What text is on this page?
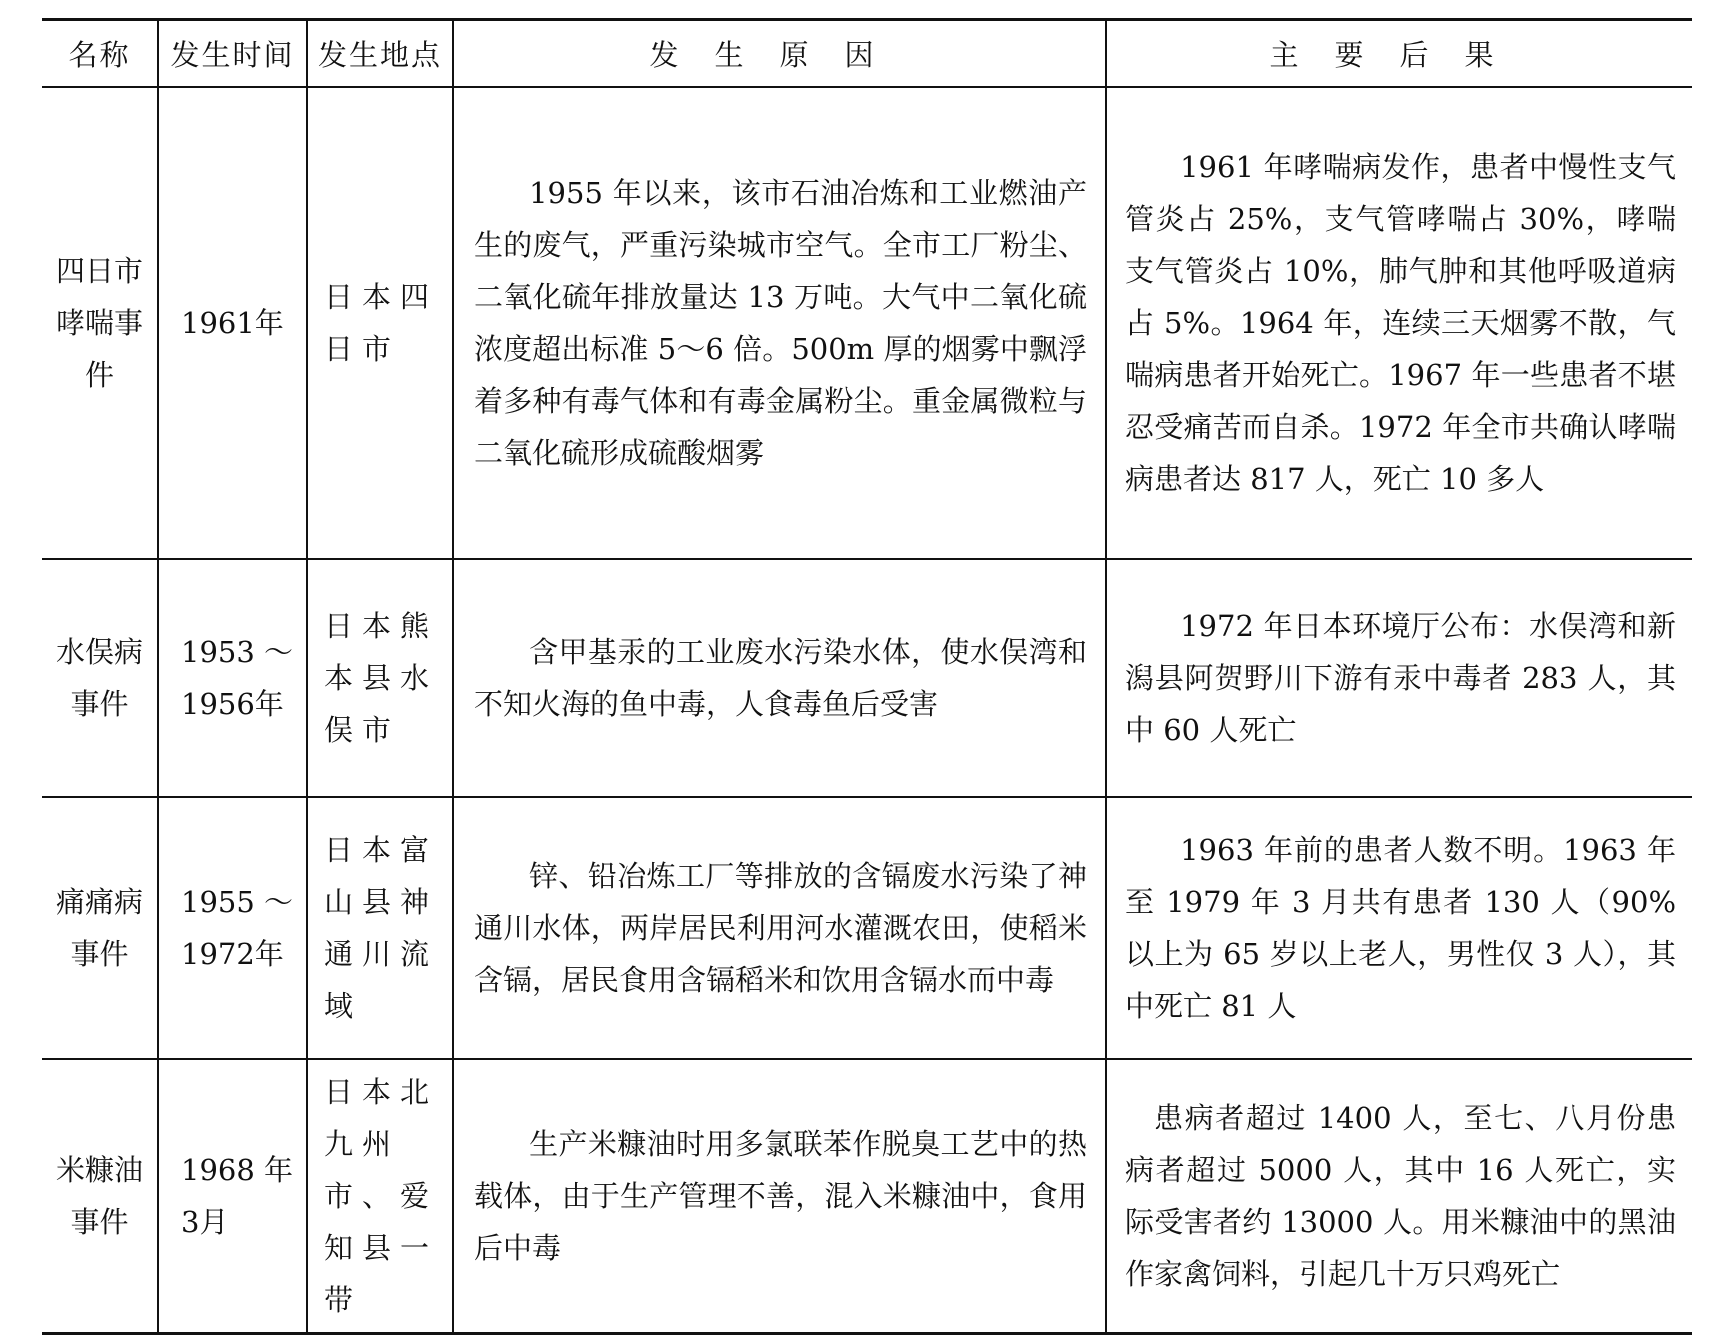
名称	发生时间	发生地点	发生原因	主要后果
四日市哮喘事件	1961年	日本四日市	1955 年以来，该市石油冶炼和工业燃油产生的废气，严重污染城市空气。全市工厂粉尘、二氧化硫年排放量达 13 万吨。大气中二氧化硫浓度超出标准 5～6 倍。500m 厚的烟雾中飘浮着多种有毒气体和有毒金属粉尘。重金属微粒与二氧化硫形成硫酸烟雾	1961 年哮喘病发作，患者中慢性支气管炎占 25%，支气管哮喘占 30%，哮喘支气管炎占 10%，肺气肿和其他呼吸道病占 5%。1964 年，连续三天烟雾不散，气喘病患者开始死亡。1967 年一些患者不堪忍受痛苦而自杀。1972 年全市共确认哮喘病患者达 817 人，死亡 10 多人
水俣病事件	1953 ～ 1956年	日本熊本县水俣市	含甲基汞的工业废水污染水体，使水俣湾和不知火海的鱼中毒，人食毒鱼后受害	1972 年日本环境厅公布：水俣湾和新潟县阿贺野川下游有汞中毒者 283 人，其中 60 人死亡
痛痛病事件	1955 ～ 1972年	日本富山县神通川流域	锌、铅冶炼工厂等排放的含镉废水污染了神通川水体，两岸居民利用河水灌溉农田，使稻米含镉，居民食用含镉稻米和饮用含镉水而中毒	1963 年前的患者人数不明。1963 年至 1979 年 3 月共有患者 130 人（90%以上为 65 岁以上老人，男性仅 3 人），其中死亡 81 人
米糠油事件	1968 年 3月	日本北九州市、爱知县一带	生产米糠油时用多氯联苯作脱臭工艺中的热载体，由于生产管理不善，混入米糠油中，食用后中毒	患病者超过 1400 人，至七、八月份患病者超过 5000 人，其中 16 人死亡，实际受害者约 13000 人。用米糠油中的黑油作家禽饲料，引起几十万只鸡死亡
